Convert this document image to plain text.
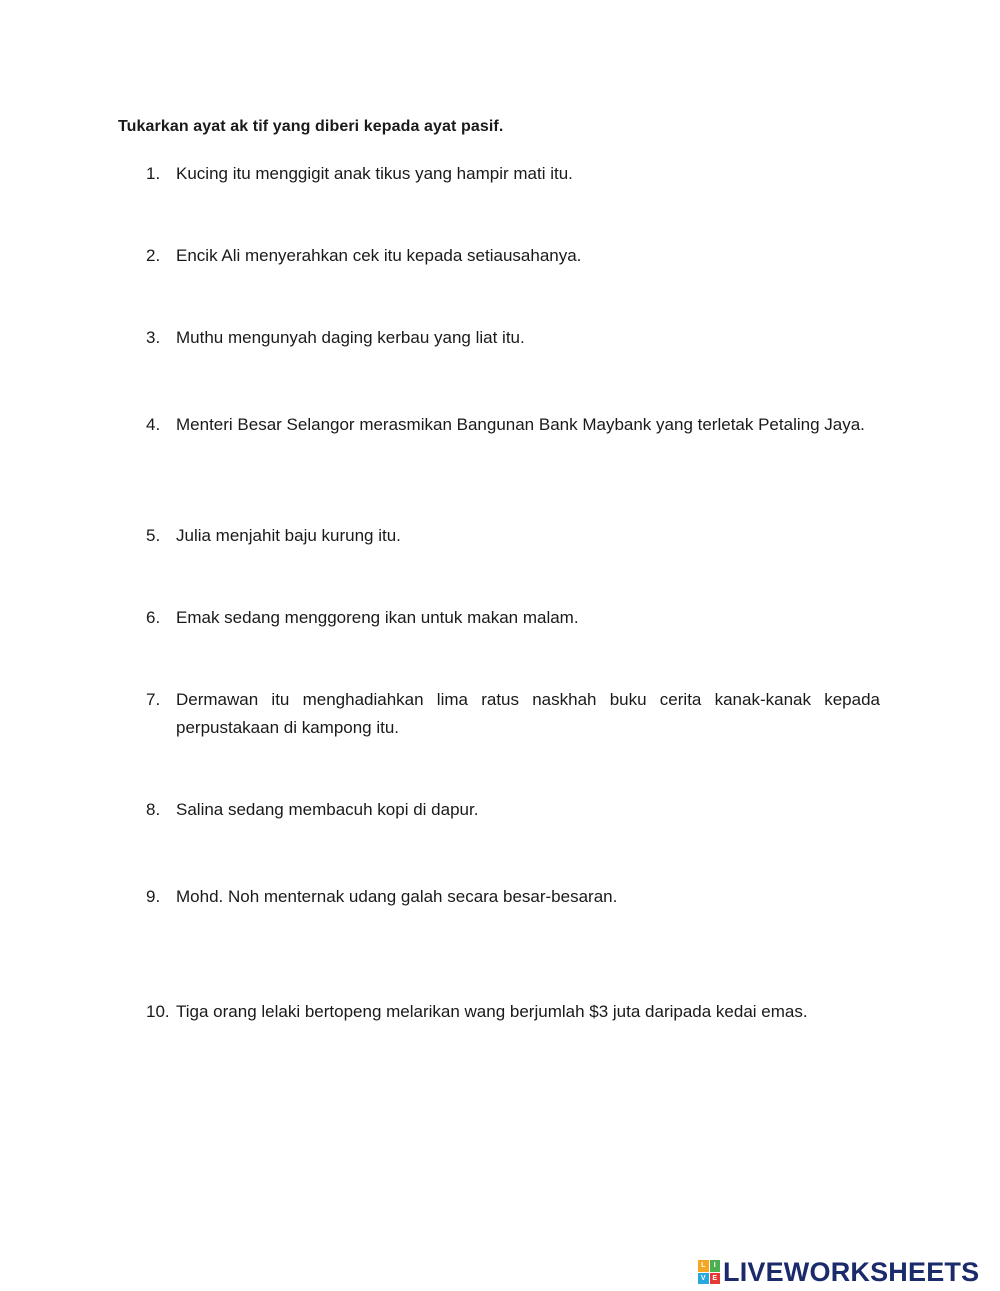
Tukarkan ayat ak tif yang diberi kepada ayat pasif.
1. Kucing itu menggigit anak tikus yang hampir mati itu.
2. Encik Ali menyerahkan cek itu kepada setiausahanya.
3. Muthu mengunyah daging kerbau yang liat itu.
4. Menteri Besar Selangor merasmikan Bangunan Bank Maybank yang terletak Petaling Jaya.
5. Julia menjahit baju kurung itu.
6. Emak sedang menggoreng ikan untuk makan malam.
7. Dermawan itu menghadiahkan lima ratus naskhah buku cerita kanak-kanak kepada perpustakaan di kampong itu.
8. Salina sedang membacuh kopi di dapur.
9. Mohd. Noh menternak udang galah secara besar-besaran.
10. Tiga orang lelaki bertopeng melarikan wang berjumlah $3 juta daripada kedai emas.
L	I
V E LIVEWORKSHEETS
